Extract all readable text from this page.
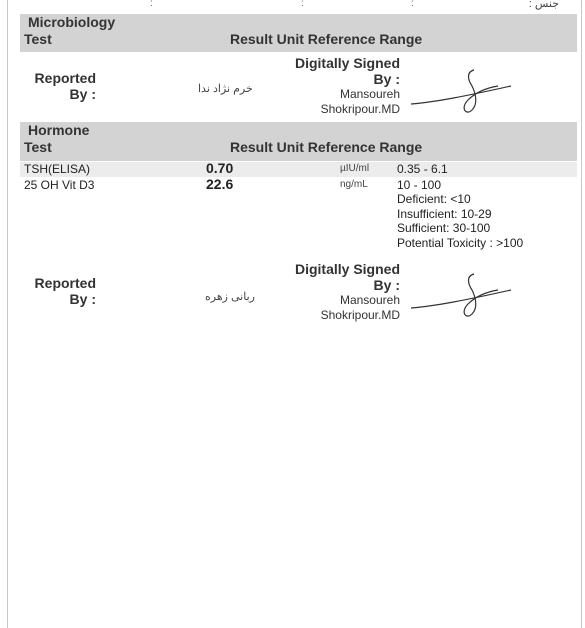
:	:	:	جنس :
Microbiology
Test	Result Unit Reference Range
Reported
By :	خرم نژاد ندا
Digitally Signed
By :
Mansoureh
Shokripour.MD
Hormone
Test	Result Unit Reference Range
TSH(ELISA)	0.70	µIU/ml 0.35 - 6.1
25 OH Vit D3	22.6	ng/mL 10 - 100
Deficient: <10
Insufficient: 10-29
Sufficient: 30-100
Potential Toxicity : >100
Reported
By :	ربانی زهره
Digitally Signed
By :
Mansoureh
Shokripour.MD
